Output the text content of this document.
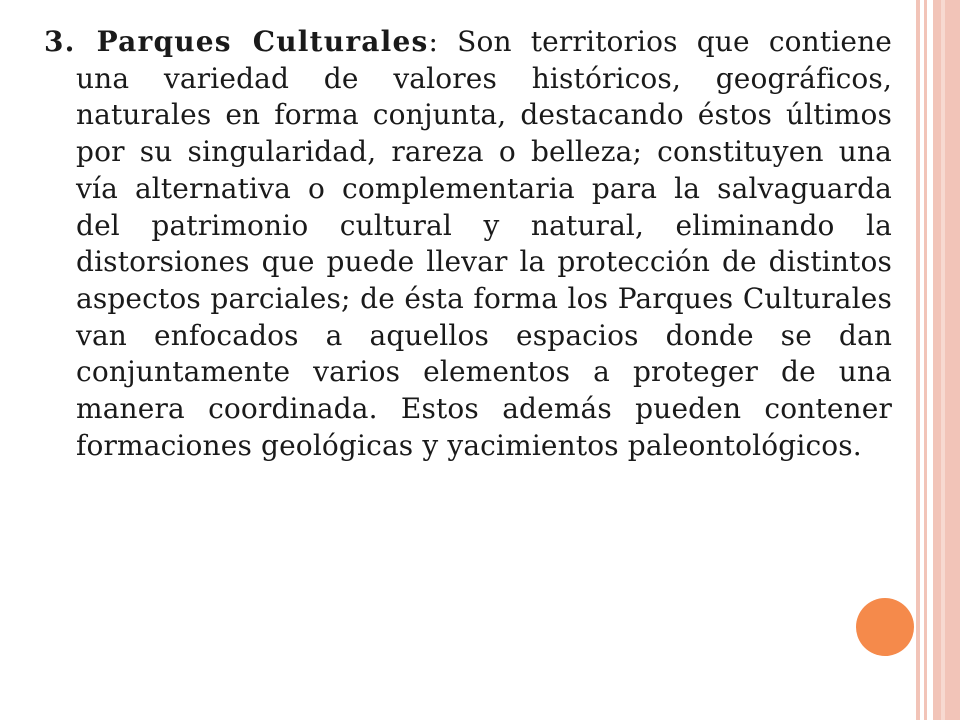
3. Parques Culturales: Son territorios que contiene una variedad de valores históricos, geográficos, naturales en forma conjunta, destacando éstos últimos por su singularidad, rareza o belleza; constituyen una vía alternativa o complementaria para la salvaguarda del patrimonio cultural y natural, eliminando la distorsiones que puede llevar la protección de distintos aspectos parciales; de ésta forma los Parques Culturales van enfocados a aquellos espacios donde se dan conjuntamente varios elementos a proteger de una manera coordinada. Estos además pueden contener formaciones geológicas y yacimientos paleontológicos.
